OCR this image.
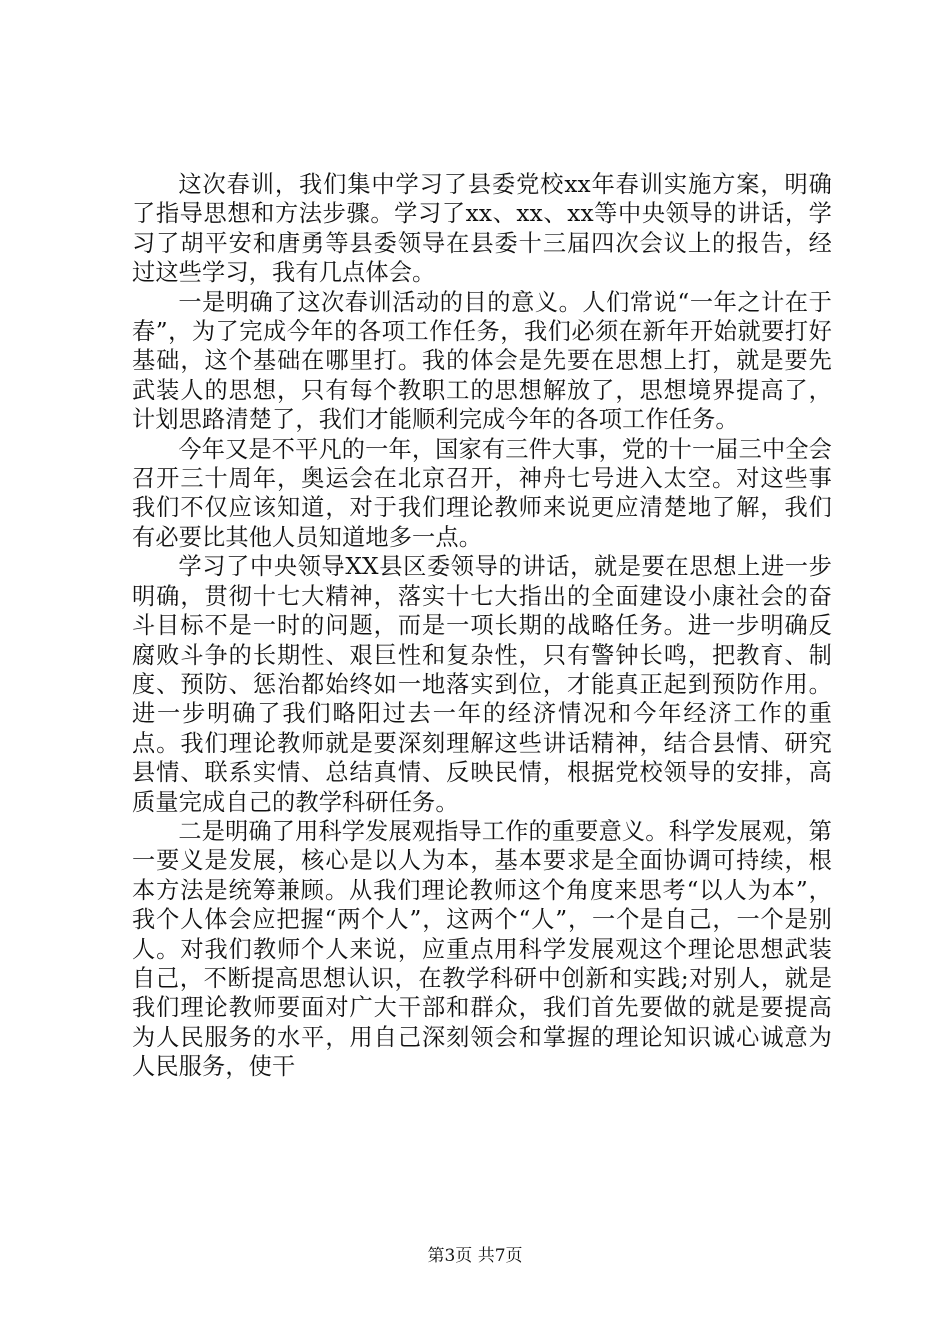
这次春训，我们集中学习了县委党校xx年春训实施方案，明确了指导思想和方法步骤。学习了xx、xx、xx等中央领导的讲话，学习了胡平安和唐勇等县委领导在县委十三届四次会议上的报告，经过这些学习，我有几点体会。

一是明确了这次春训活动的目的意义。人们常说“一年之计在于春”，为了完成今年的各项工作任务，我们必须在新年开始就要打好基础，这个基础在哪里打。我的体会是先要在思想上打，就是要先武装人的思想，只有每个教职工的思想解放了，思想境界提高了，计划思路清楚了，我们才能顺利完成今年的各项工作任务。

今年又是不平凡的一年，国家有三件大事，党的十一届三中全会召开三十周年，奥运会在北京召开，神舟七号进入太空。对这些事我们不仅应该知道，对于我们理论教师来说更应清楚地了解，我们有必要比其他人员知道地多一点。

学习了中央领导XX县区委领导的讲话，就是要在思想上进一步明确，贯彻十七大精神，落实十七大指出的全面建设小康社会的奋斗目标不是一时的问题，而是一项长期的战略任务。进一步明确反腐败斗争的长期性、艰巨性和复杂性，只有警钟长鸣，把教育、制度、预防、惩治都始终如一地落实到位，才能真正起到预防作用。进一步明确了我们略阳过去一年的经济情况和今年经济工作的重点。我们理论教师就是要深刻理解这些讲话精神，结合县情、研究县情、联系实情、总结真情、反映民情，根据党校领导的安排，高质量完成自己的教学科研任务。

二是明确了用科学发展观指导工作的重要意义。科学发展观，第一要义是发展，核心是以人为本，基本要求是全面协调可持续，根本方法是统筹兼顾。从我们理论教师这个角度来思考“以人为本”，我个人体会应把握“两个人”，这两个“人”，一个是自己，一个是别人。对我们教师个人来说，应重点用科学发展观这个理论思想武装自己，不断提高思想认识，在教学科研中创新和实践;对别人，就是我们理论教师要面对广大干部和群众，我们首先要做的就是要提高为人民服务的水平，用自己深刻领会和掌握的理论知识诚心诚意为人民服务，使干

第3页 共7页
